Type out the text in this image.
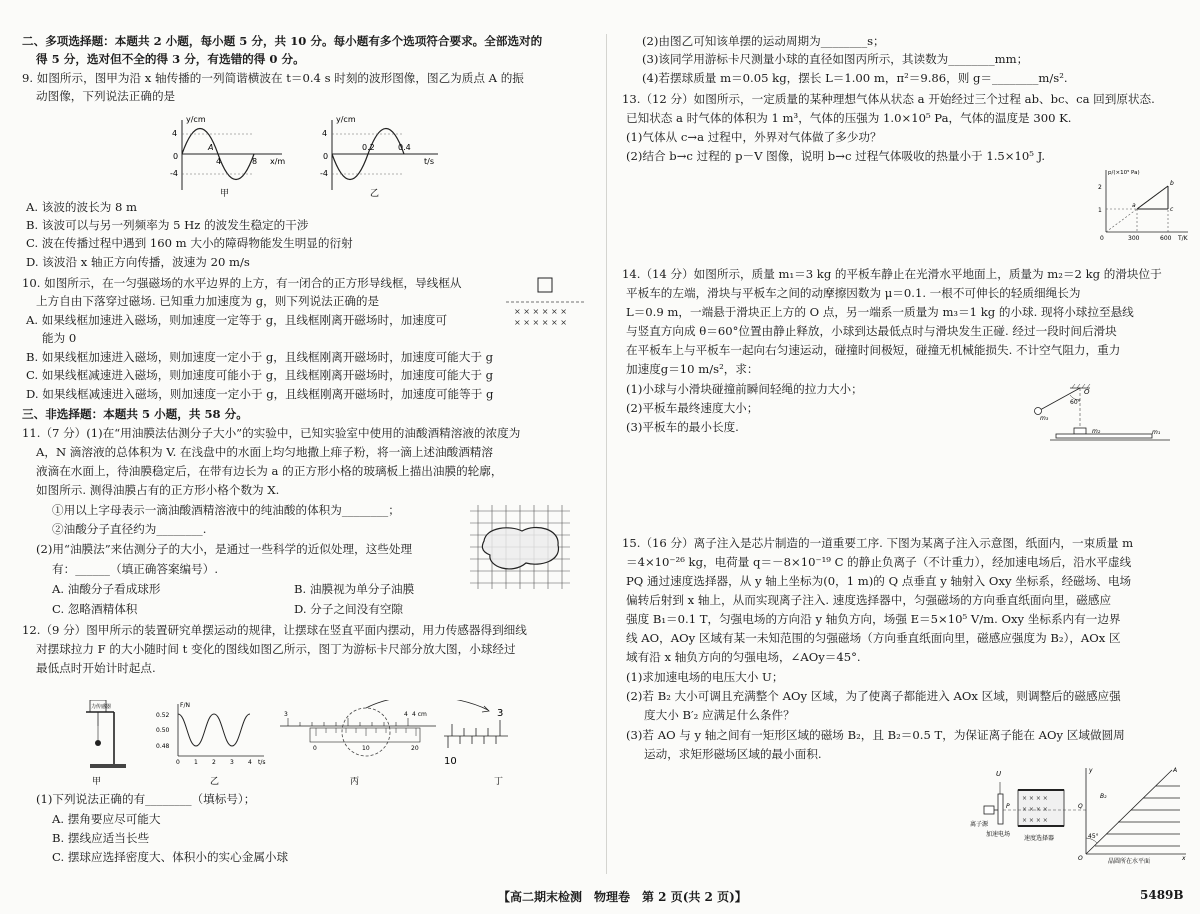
二、多项选择题：本题共 2 小题，每小题 5 分，共 10 分。每小题有多个选项符合要求。全部选对的
得 5 分，选对但不全的得 3 分，有选错的得 0 分。
9. 如图所示，图甲为沿 x 轴传播的一列简谐横波在 t＝0.4 s 时刻的波形图像，图乙为质点 A 的振
动图像，下列说法正确的是
A. 该波的波长为 8 m
B. 该波可以与另一列频率为 5 Hz 的波发生稳定的干涉
C. 波在传播过程中遇到 160 m 大小的障碍物能发生明显的衍射
D. 该波沿 x 轴正方向传播，波速为 20 m/s
10. 如图所示，在一匀强磁场的水平边界的上方，有一闭合的正方形导线框，导线框从
上方自由下落穿过磁场. 已知重力加速度为 g，则下列说法正确的是
A. 如果线框加速进入磁场，则加速度一定等于 g，且线框刚离开磁场时，加速度可
能为 0
B. 如果线框加速进入磁场，则加速度一定小于 g，且线框刚离开磁场时，加速度可能大于 g
C. 如果线框减速进入磁场，则加速度可能小于 g，且线框刚离开磁场时，加速度可能大于 g
D. 如果线框减速进入磁场，则加速度一定小于 g，且线框刚离开磁场时，加速度可能等于 g
三、非选择题：本题共 5 小题，共 58 分。
11.（7 分）(1)在“用油膜法估测分子大小”的实验中，已知实验室中使用的油酸酒精溶液的浓度为
A，N 滴溶液的总体积为 V. 在浅盘中的水面上均匀地撒上痱子粉，将一滴上述油酸酒精溶
液滴在水面上，待油膜稳定后，在带有边长为 a 的正方形小格的玻璃板上描出油膜的轮廓，
如图所示. 测得油膜占有的正方形小格个数为 X.
①用以上字母表示一滴油酸酒精溶液中的纯油酸的体积为________；
②油酸分子直径约为________.
(2)用“油膜法”来估测分子的大小，是通过一些科学的近似处理，这些处理
有：______（填正确答案编号）.
A. 油酸分子看成球形	B. 油膜视为单分子油膜
C. 忽略酒精体积	D. 分子之间没有空隙
12.（9 分）图甲所示的装置研究单摆运动的规律，让摆球在竖直平面内摆动，用力传感器得到细线
对摆球拉力 F 的大小随时间 t 变化的图线如图乙所示，图丁为游标卡尺部分放大图，小球经过
最低点时开始计时起点.
(1)下列说法正确的有________（填标号）；
A. 摆角要应尽可能大
B. 摆线应适当长些
C. 摆球应选择密度大、体积小的实心金属小球
(2)由图乙可知该单摆的运动周期为________s；
(3)该同学用游标卡尺测量小球的直径如图丙所示，其读数为________mm；
(4)若摆球质量 m＝0.05 kg，摆长 L＝1.00 m，π²＝9.86，则 g＝________m/s².
13.（12 分）如图所示，一定质量的某种理想气体从状态 a 开始经过三个过程 ab、bc、ca 回到原状态.
已知状态 a 时气体的体积为 1 m³，气体的压强为 1.0×10⁵ Pa，气体的温度是 300 K.
(1)气体从 c→a 过程中，外界对气体做了多少功？
(2)结合 b→c 过程的 p－V 图像，说明 b→c 过程气体吸收的热量小于 1.5×10⁵ J.
14.（14 分）如图所示，质量 m₁＝3 kg 的平板车静止在光滑水平地面上，质量为 m₂＝2 kg 的滑块位于
平板车的左端，滑块与平板车之间的动摩擦因数为 μ＝0.1. 一根不可伸长的轻质细绳长为
L＝0.9 m，一端悬于滑块正上方的 O 点，另一端系一质量为 m₃＝1 kg 的小球. 现将小球拉至悬线
与竖直方向成 θ＝60°位置由静止释放，小球到达最低点时与滑块发生正碰. 经过一段时间后滑块
在平板车上与平板车一起向右匀速运动，碰撞时间极短，碰撞无机械能损失. 不计空气阻力，重力
加速度g＝10 m/s²，求：
(1)小球与小滑块碰撞前瞬间轻绳的拉力大小；
(2)平板车最终速度大小；
(3)平板车的最小长度.
15.（16 分）离子注入是芯片制造的一道重要工序. 下图为某离子注入示意图，纸面内，一束质量 m
＝4×10⁻²⁶ kg，电荷量 q＝－8×10⁻¹⁹ C 的静止负离子（不计重力），经加速电场后，沿水平虚线
PQ 通过速度选择器，从 y 轴上坐标为(0，1 m)的 Q 点垂直 y 轴射入 Oxy 坐标系，经磁场、电场
偏转后射到 x 轴上，从而实现离子注入. 速度选择器中，匀强磁场的方向垂直纸面向里，磁感应
强度 B₁＝0.1 T，匀强电场的方向沿 y 轴负方向，场强 E＝5×10⁵ V/m. Oxy 坐标系内有一边界
线 AO，AOy 区域有某一未知范围的匀强磁场（方向垂直纸面向里，磁感应强度为 B₂），AOx 区
域有沿 x 轴负方向的匀强电场，∠AOy＝45°.
(1)求加速电场的电压大小 U；
(2)若 B₂ 大小可调且充满整个 AOy 区域，为了使离子都能进入 AOx 区域，则调整后的磁感应强
度大小 B′₂ 应满足什么条件？
(3)若 AO 与 y 轴之间有一矩形区域的磁场 B₂，且 B₂＝0.5 T，为保证离子能在 AOy 区域做圆周
运动，求矩形磁场区域的最小面积.
y/cm
x/m
4
-4
0
4	8
A
甲
y/cm
t/s
4
-4
0
0.2	0.4
乙
× × × × × ×
× × × × × ×
力传感器
甲
F/N
0.52
0.50
0.48
0 1 2 3 4 t/s
乙
3	4 4 cm
0	10	20
丙
3
10
丁
p/(×10⁵ Pa)
T/K
2
1
0	300	600
a
b
c
60°
O
m₃
m₂	m₁
U
离子源
加速电场
× × × ×
× × × ×
× × × ×
P	Q
速度选择器
A
B₂
O	x
y
45°
晶圆所在水平面
【高二期末检测　物理卷　第 2 页(共 2 页)】	5489B
